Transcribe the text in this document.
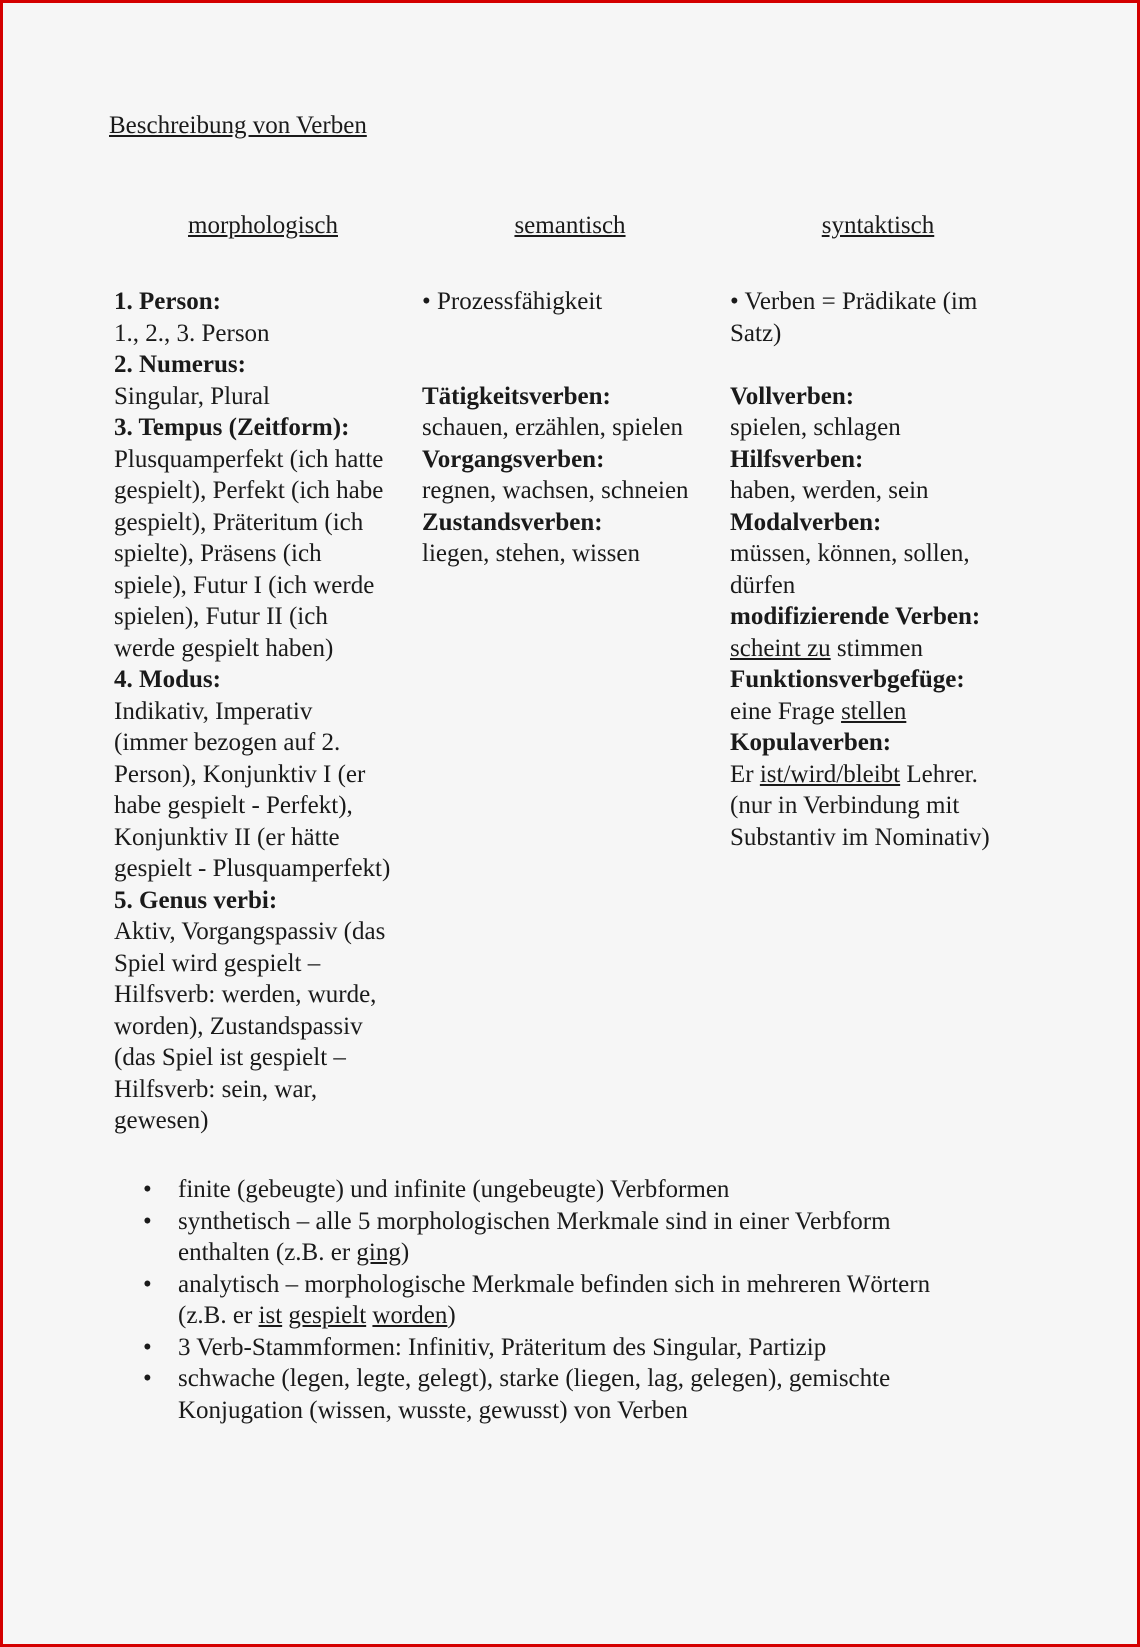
Beschreibung von Verben
morphologisch	semantisch	syntaktisch
1. Person:
1., 2., 3. Person
2. Numerus:
Singular, Plural
3. Tempus (Zeitform):
Plusquamperfekt (ich hatte
gespielt), Perfekt (ich habe
gespielt), Präteritum (ich
spielte), Präsens (ich
spiele), Futur I (ich werde
spielen), Futur II (ich
werde gespielt haben)
4. Modus:
Indikativ, Imperativ
(immer bezogen auf 2.
Person), Konjunktiv I (er
habe gespielt - Perfekt),
Konjunktiv II (er hätte
gespielt - Plusquamperfekt)
5. Genus verbi:
Aktiv, Vorgangspassiv (das
Spiel wird gespielt –
Hilfsverb: werden, wurde,
worden), Zustandspassiv
(das Spiel ist gespielt –
Hilfsverb: sein, war,
gewesen)
• Prozessfähigkeit
Tätigkeitsverben:
schauen, erzählen, spielen
Vorgangsverben:
regnen, wachsen, schneien
Zustandsverben:
liegen, stehen, wissen
• Verben = Prädikate (im
Satz)
Vollverben:
spielen, schlagen
Hilfsverben:
haben, werden, sein
Modalverben:
müssen, können, sollen,
dürfen
modifizierende Verben:
scheint zu stimmen
Funktionsverbgefüge:
eine Frage stellen
Kopulaverben:
Er ist/wird/bleibt Lehrer.
(nur in Verbindung mit
Substantiv im Nominativ)
• finite (gebeugte) und infinite (ungebeugte) Verbformen
• synthetisch – alle 5 morphologischen Merkmale sind in einer Verbform
enthalten (z.B. er ging)
• analytisch – morphologische Merkmale befinden sich in mehreren Wörtern
(z.B. er ist gespielt worden)
• 3 Verb-Stammformen: Infinitiv, Präteritum des Singular, Partizip
• schwache (legen, legte, gelegt), starke (liegen, lag, gelegen), gemischte
Konjugation (wissen, wusste, gewusst) von Verben
